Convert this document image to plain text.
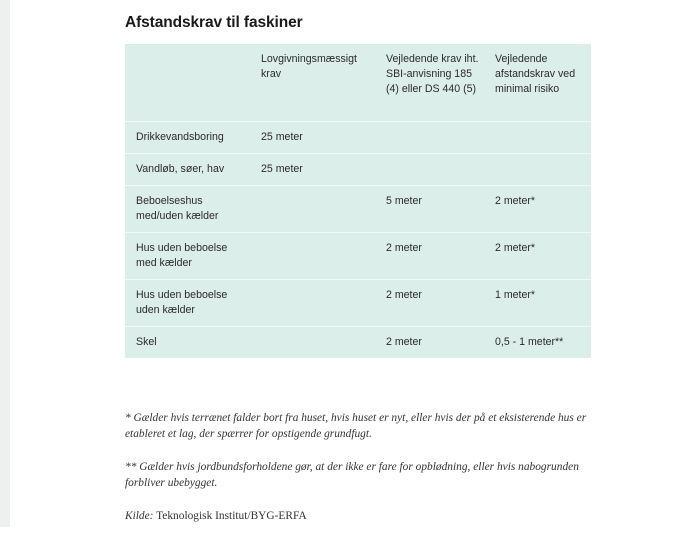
Afstandskrav til faskiner
	Lovgivningsmæssigt krav	Vejledende krav iht. SBI-anvisning 185 (4) eller DS 440 (5)	Vejledende afstandskrav ved minimal risiko
Drikkevandsboring	25 meter		
Vandløb, søer, hav	25 meter		
Beboelseshus med/uden kælder		5 meter	2 meter*
Hus uden beboelse med kælder		2 meter	2 meter*
Hus uden beboelse uden kælder		2 meter	1 meter*
Skel		2 meter	0,5 - 1 meter**

* Gælder hvis terrænet falder bort fra huset, hvis huset er nyt, eller hvis der på et eksisterende hus er etableret et lag, der spærrer for opstigende grundfugt.

** Gælder hvis jordbundsforholdene gør, at der ikke er fare for opblødning, eller hvis nabogrunden forbliver ubebygget.

Kilde: Teknologisk Institut/BYG-ERFA
